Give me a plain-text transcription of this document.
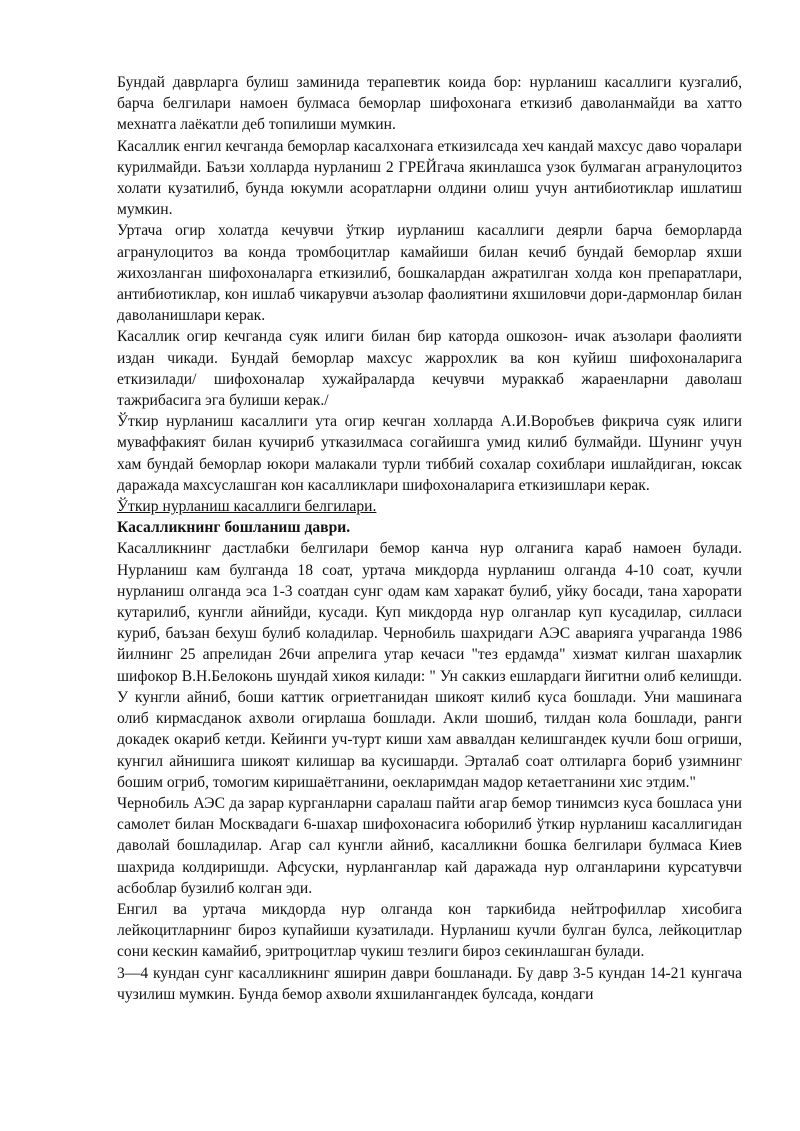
Бундай даврларга булиш заминида терапевтик коида бор: нурланиш касаллиги кузгалиб, барча белгилари намоен булмаса беморлар шифохонага еткизиб даволанмайди ва хатто мехнатга лаёкатли деб топилиши мумкин.

Касаллик енгил кечганда беморлар касалхонага еткизилсада хеч кандай махсус даво чоралари курилмайди. Баъзи холларда нурланиш 2 ГРЕЙгача якинлашса узок булмаган агранулоцитоз холати кузатилиб, бунда юкумли асоратларни олдини олиш учун антибиотиклар ишлатиш мумкин.

Уртача огир холатда кечувчи ўткир иурланиш касаллиги деярли барча беморларда агранулоцитоз ва конда тромбоцитлар камайиши билан кечиб бундай беморлар яхши жихозланган шифохоналарга еткизилиб, бошкалардан ажратилган холда кон препаратлари, антибиотиклар, кон ишлаб чикарувчи аъзолар фаолиятини яхшиловчи дори-дармонлар билан даволанишлари керак.

Касаллик огир кечганда суяк илиги билан бир каторда ошкозон- ичак аъзолари фаолияти издан чикади. Бундай беморлар махсус жаррохлик ва кон куйиш шифохоналарига еткизилади/ шифохоналар хужайраларда кечувчи мураккаб жараенларни даволаш тажрибасига эга булиши керак./

Ўткир нурланиш касаллиги ута огир кечган холларда А.И.Воробъев фикрича суяк илиги муваффакият билан кучириб утказилмаса согайишга умид килиб булмайди. Шунинг учун хам бундай беморлар юкори малакали турли тиббий сохалар сохиблари ишлайдиган, юксак даражада махсуслашган кон касалликлари шифохоналарига еткизишлари керак.

Ўткир нурланиш касаллиги белгилари.

Касалликнинг бошланиш даври.

Касалликнинг дастлабки белгилари бемор канча нур олганига караб намоен булади. Нурланиш кам булганда 18 соат, уртача микдорда нурланиш олганда 4-10 соат, кучли нурланиш олганда эса 1-3 соатдан сунг одам кам харакат булиб, уйку босади, тана харорати кутарилиб, кунгли айнийди, кусади. Куп микдорда нур олганлар куп кусадилар, силласи куриб, баъзан бехуш булиб коладилар. Чернобиль шахридаги АЭС аварияга учраганда 1986 йилнинг 25 апрелидан 26чи апрелига утар кечаси "тез ердамда" хизмат килган шахарлик шифокор В.Н.Белоконь шундай хикоя килади: " Ун саккиз ешлардаги йигитни олиб келишди. У кунгли айниб, боши каттик огриетганидан шикоят килиб куса бошлади. Уни машинага олиб кирмасданок ахволи огирлаша бошлади. Акли шошиб, тилдан кола бошлади, ранги докадек окариб кетди. Кейинги уч-турт киши хам аввалдан келишгандек кучли бош огриши, кунгил айнишига шикоят килишар ва кусишарди. Эрталаб соат олтиларга бориб узимнинг бошим огриб, томогим киришаётганини, оекларимдан мадор кетаетганини хис этдим."

Чернобиль АЭС да зарар курганларни саралаш пайти агар бемор тинимсиз куса бошласа уни самолет билан Москвадаги 6-шахар шифохонасига юборилиб ўткир нурланиш касаллигидан даволай бошладилар. Агар сал кунгли айниб, касалликни бошка белгилари булмаса Киев шахрида колдиришди. Афсуски, нурланганлар кай даражада нур олганларини курсатувчи асбоблар бузилиб колган эди.

Енгил ва уртача микдорда нур олганда кон таркибида нейтрофиллар хисобига лейкоцитларнинг бироз купайиши кузатилади. Нурланиш кучли булган булса, лейкоцитлар сони кескин камайиб, эритроцитлар чукиш тезлиги бироз секинлашган булади.

3—4 кундан сунг касалликнинг яширин даври бошланади. Бу давр 3-5 кундан 14-21 кунгача чузилиш мумкин. Бунда бемор ахволи яхшилангандек булсада, кондаги
